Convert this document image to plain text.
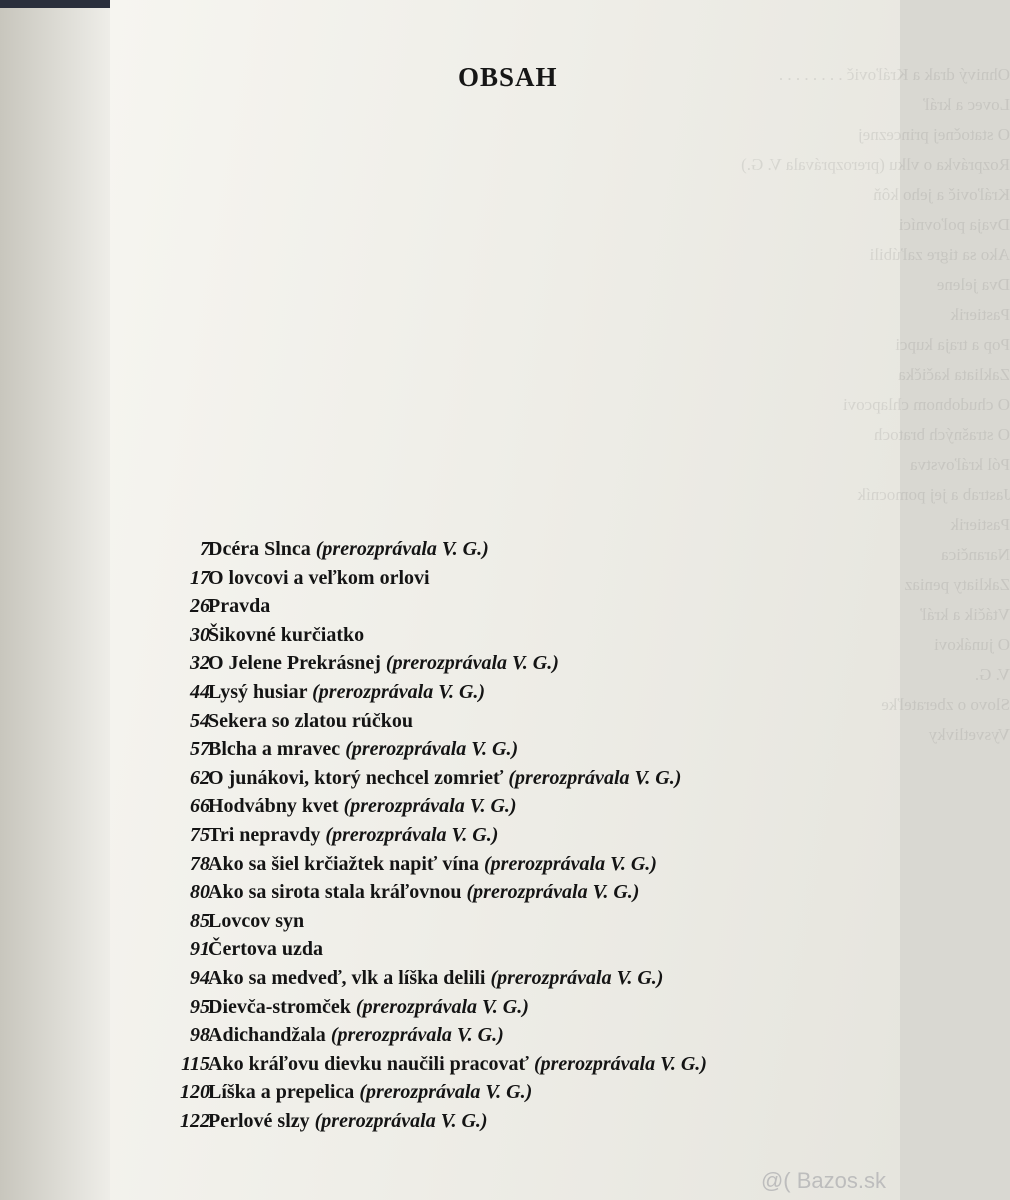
Ohnivý drak a Kráľovič . . . . . . . .
Lovec a kráľ
O statočnej princeznej
Rozprávka o vlku (prerozprávala V. G.)
Kráľovič a jeho kôň
Dvaja poľovníci
Ako sa tigre zaľúbili
Dva jelene
Pastierik
Pop a traja kupci
Zakliata kačička
O chudobnom chlapcovi
O strašných bratoch
Pól kráľovstva
Jastrab a jej pomocník
Pastierik
Narančica
Zakliaty peniaz
Vtáčik a kráľ
O junákovi
V. G.
Slovo o zberateľke
Vysvetlivky
OBSAH
7
Dcéra Slnca (prerozprávala V. G.)
17
O lovcovi a veľkom orlovi
26
Pravda
30
Šikovné kurčiatko
32
O Jelene Prekrásnej (prerozprávala V. G.)
44
Lysý husiar (prerozprávala V. G.)
54
Sekera so zlatou rúčkou
57
Blcha a mravec (prerozprávala V. G.)
62
O junákovi, ktorý nechcel zomrieť (prerozprávala V. G.)
66
Hodvábny kvet (prerozprávala V. G.)
75
Tri nepravdy (prerozprávala V. G.)
78
Ako sa šiel krčiažtek napiť vína (prerozprávala V. G.)
80
Ako sa sirota stala kráľovnou (prerozprávala V. G.)
85
Lovcov syn
91
Čertova uzda
94
Ako sa medveď, vlk a líška delili (prerozprávala V. G.)
95
Dievča-stromček (prerozprávala V. G.)
98
Adichandžala (prerozprávala V. G.)
115
Ako kráľovu dievku naučili pracovať (prerozprávala V. G.)
120
Líška a prepelica (prerozprávala V. G.)
122
Perlové slzy (prerozprávala V. G.)
@( Bazos.sk
